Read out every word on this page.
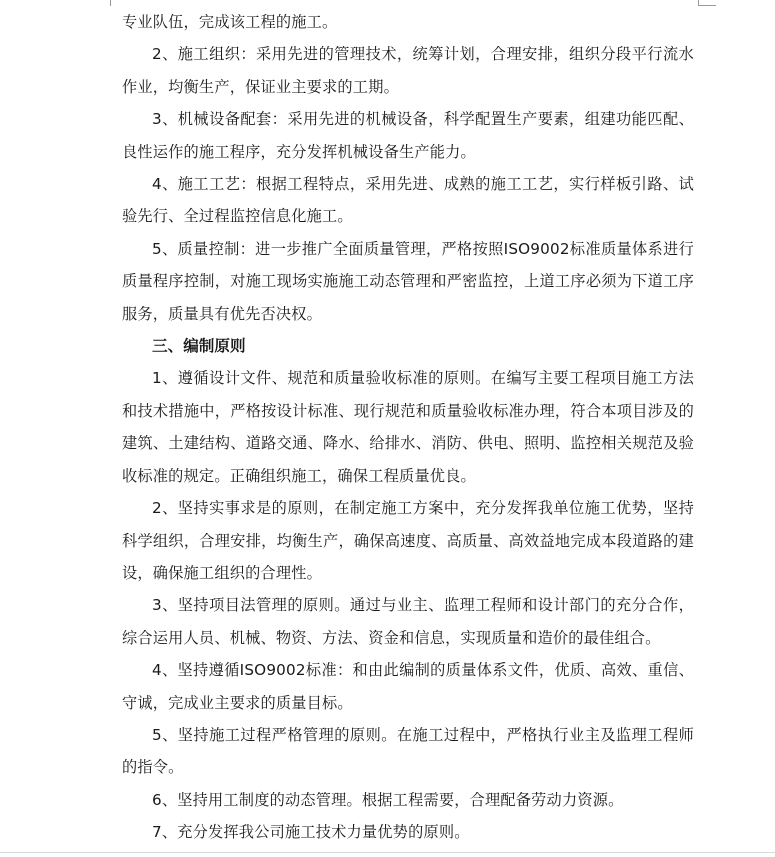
专业队伍，完成该工程的施工。

2、施工组织：采用先进的管理技术，统筹计划，合理安排，组织分段平行流水作业，均衡生产，保证业主要求的工期。

3、机械设备配套：采用先进的机械设备，科学配置生产要素，组建功能匹配、良性运作的施工程序，充分发挥机械设备生产能力。

4、施工工艺：根据工程特点，采用先进、成熟的施工工艺，实行样板引路、试验先行、全过程监控信息化施工。

5、质量控制：进一步推广全面质量管理，严格按照ISO9002标准质量体系进行质量程序控制，对施工现场实施施工动态管理和严密监控，上道工序必须为下道工序服务，质量具有优先否决权。

三、编制原则

1、遵循设计文件、规范和质量验收标准的原则。在编写主要工程项目施工方法和技术措施中，严格按设计标准、现行规范和质量验收标准办理，符合本项目涉及的建筑、土建结构、道路交通、降水、给排水、消防、供电、照明、监控相关规范及验收标准的规定。正确组织施工，确保工程质量优良。

2、坚持实事求是的原则，在制定施工方案中，充分发挥我单位施工优势，坚持科学组织，合理安排，均衡生产，确保高速度、高质量、高效益地完成本段道路的建设，确保施工组织的合理性。

3、坚持项目法管理的原则。通过与业主、监理工程师和设计部门的充分合作，综合运用人员、机械、物资、方法、资金和信息，实现质量和造价的最佳组合。

4、坚持遵循ISO9002标准：和由此编制的质量体系文件，优质、高效、重信、守诚，完成业主要求的质量目标。

5、坚持施工过程严格管理的原则。在施工过程中，严格执行业主及监理工程师的指令。

6、坚持用工制度的动态管理。根据工程需要，合理配备劳动力资源。

7、充分发挥我公司施工技术力量优势的原则。
